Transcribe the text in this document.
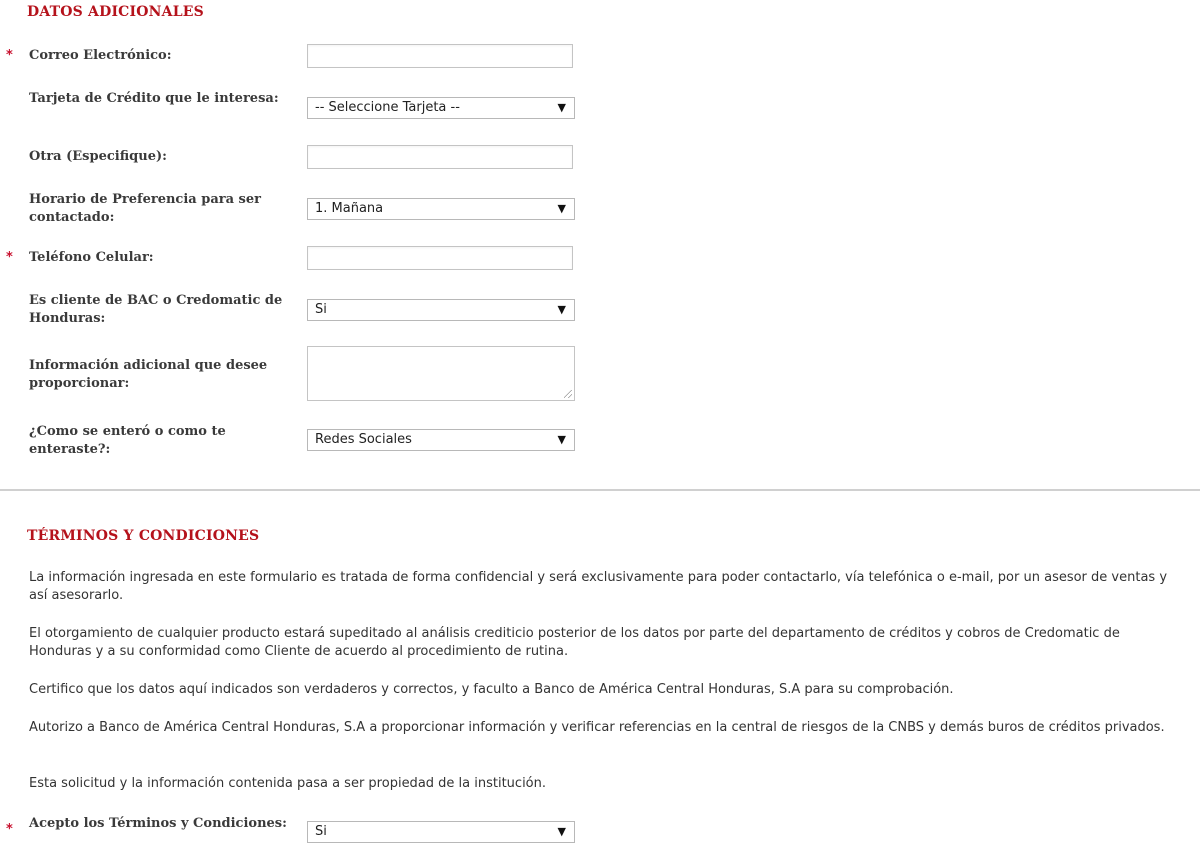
DATOS ADICIONALES
* Correo Electrónico:
Tarjeta de Crédito que le interesa:
-- Seleccione Tarjeta --	▼
Otra (Especifique):
Horario de Preferencia para ser contactado:
1. Mañana	▼
* Teléfono Celular:
Es cliente de BAC o Credomatic de Honduras:
Si	▼
Información adicional que desee proporcionar:
¿Como se enteró o como te enteraste?:
Redes Sociales	▼
TÉRMINOS Y CONDICIONES
La información ingresada en este formulario es tratada de forma confidencial y será exclusivamente para poder contactarlo, vía telefónica o e-mail, por un asesor de ventas y así asesorarlo.
El otorgamiento de cualquier producto estará supeditado al análisis crediticio posterior de los datos por parte del departamento de créditos y cobros de Credomatic de Honduras y a su conformidad como Cliente de acuerdo al procedimiento de rutina.
Certifico que los datos aquí indicados son verdaderos y correctos, y faculto a Banco de América Central Honduras, S.A para su comprobación.
Autorizo a Banco de América Central Honduras, S.A a proporcionar información y verificar referencias en la central de riesgos de la CNBS y demás buros de créditos privados.
Esta solicitud y la información contenida pasa a ser propiedad de la institución.
* Acepto los Términos y Condiciones:
Si	▼
